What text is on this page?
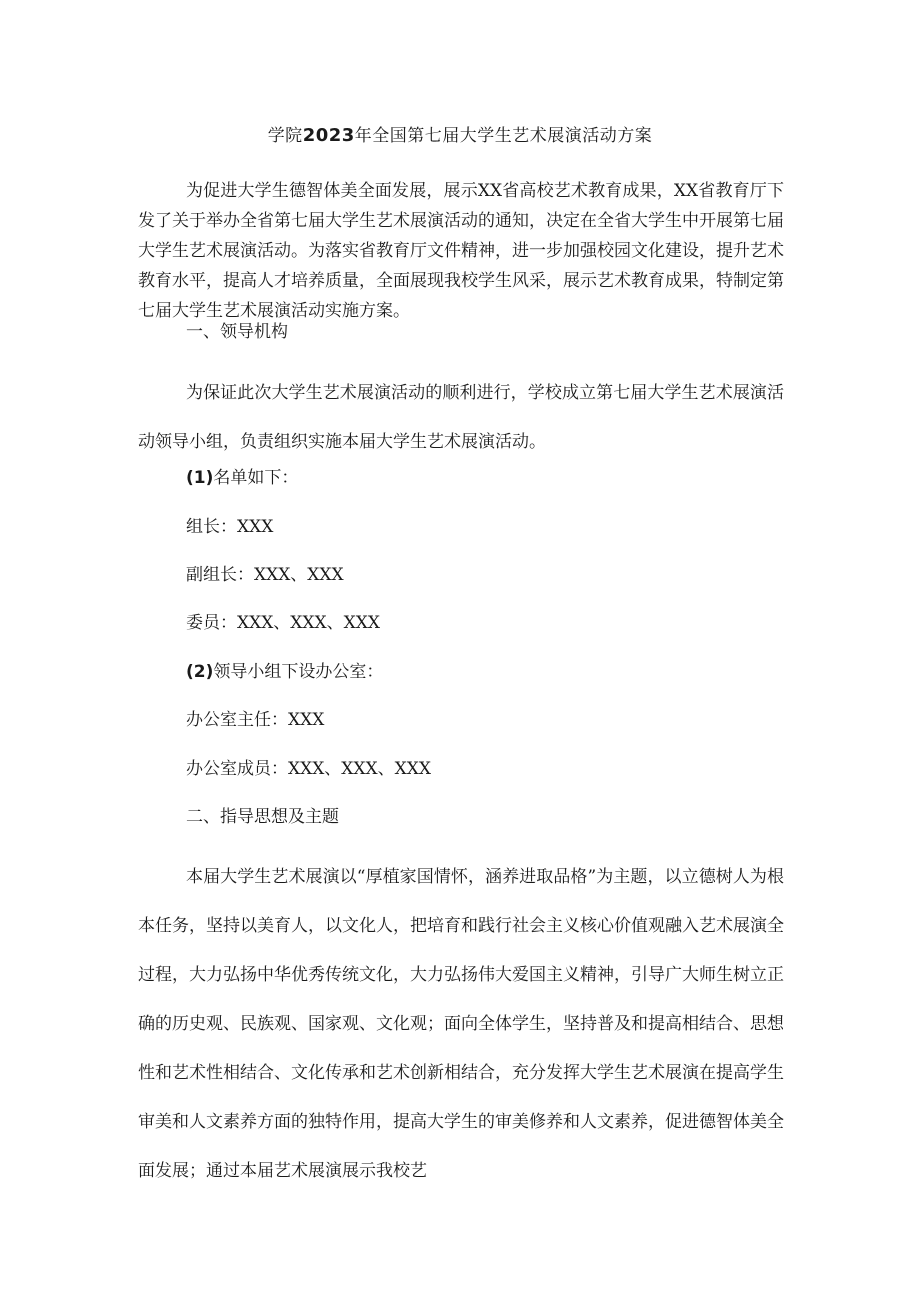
学院2023年全国第七届大学生艺术展演活动方案

为促进大学生德智体美全面发展，展示XX省高校艺术教育成果，XX省教育厅下发了关于举办全省第七届大学生艺术展演活动的通知，决定在全省大学生中开展第七届大学生艺术展演活动。为落实省教育厅文件精神，进一步加强校园文化建设，提升艺术教育水平，提高人才培养质量，全面展现我校学生风采，展示艺术教育成果，特制定第七届大学生艺术展演活动实施方案。

一、领导机构

为保证此次大学生艺术展演活动的顺利进行，学校成立第七届大学生艺术展演活动领导小组，负责组织实施本届大学生艺术展演活动。

(1)名单如下：
组长：XXX
副组长：XXX、XXX
委员：XXX、XXX、XXX
(2)领导小组下设办公室：
办公室主任：XXX
办公室成员：XXX、XXX、XXX
二、指导思想及主题

本届大学生艺术展演以“厚植家国情怀，涵养进取品格”为主题，以立德树人为根本任务，坚持以美育人，以文化人，把培育和践行社会主义核心价值观融入艺术展演全过程，大力弘扬中华优秀传统文化，大力弘扬伟大爱国主义精神，引导广大师生树立正确的历史观、民族观、国家观、文化观；面向全体学生，坚持普及和提高相结合、思想性和艺术性相结合、文化传承和艺术创新相结合，充分发挥大学生艺术展演在提高学生审美和人文素养方面的独特作用，提高大学生的审美修养和人文素养，促进德智体美全面发展；通过本届艺术展演展示我校艺
